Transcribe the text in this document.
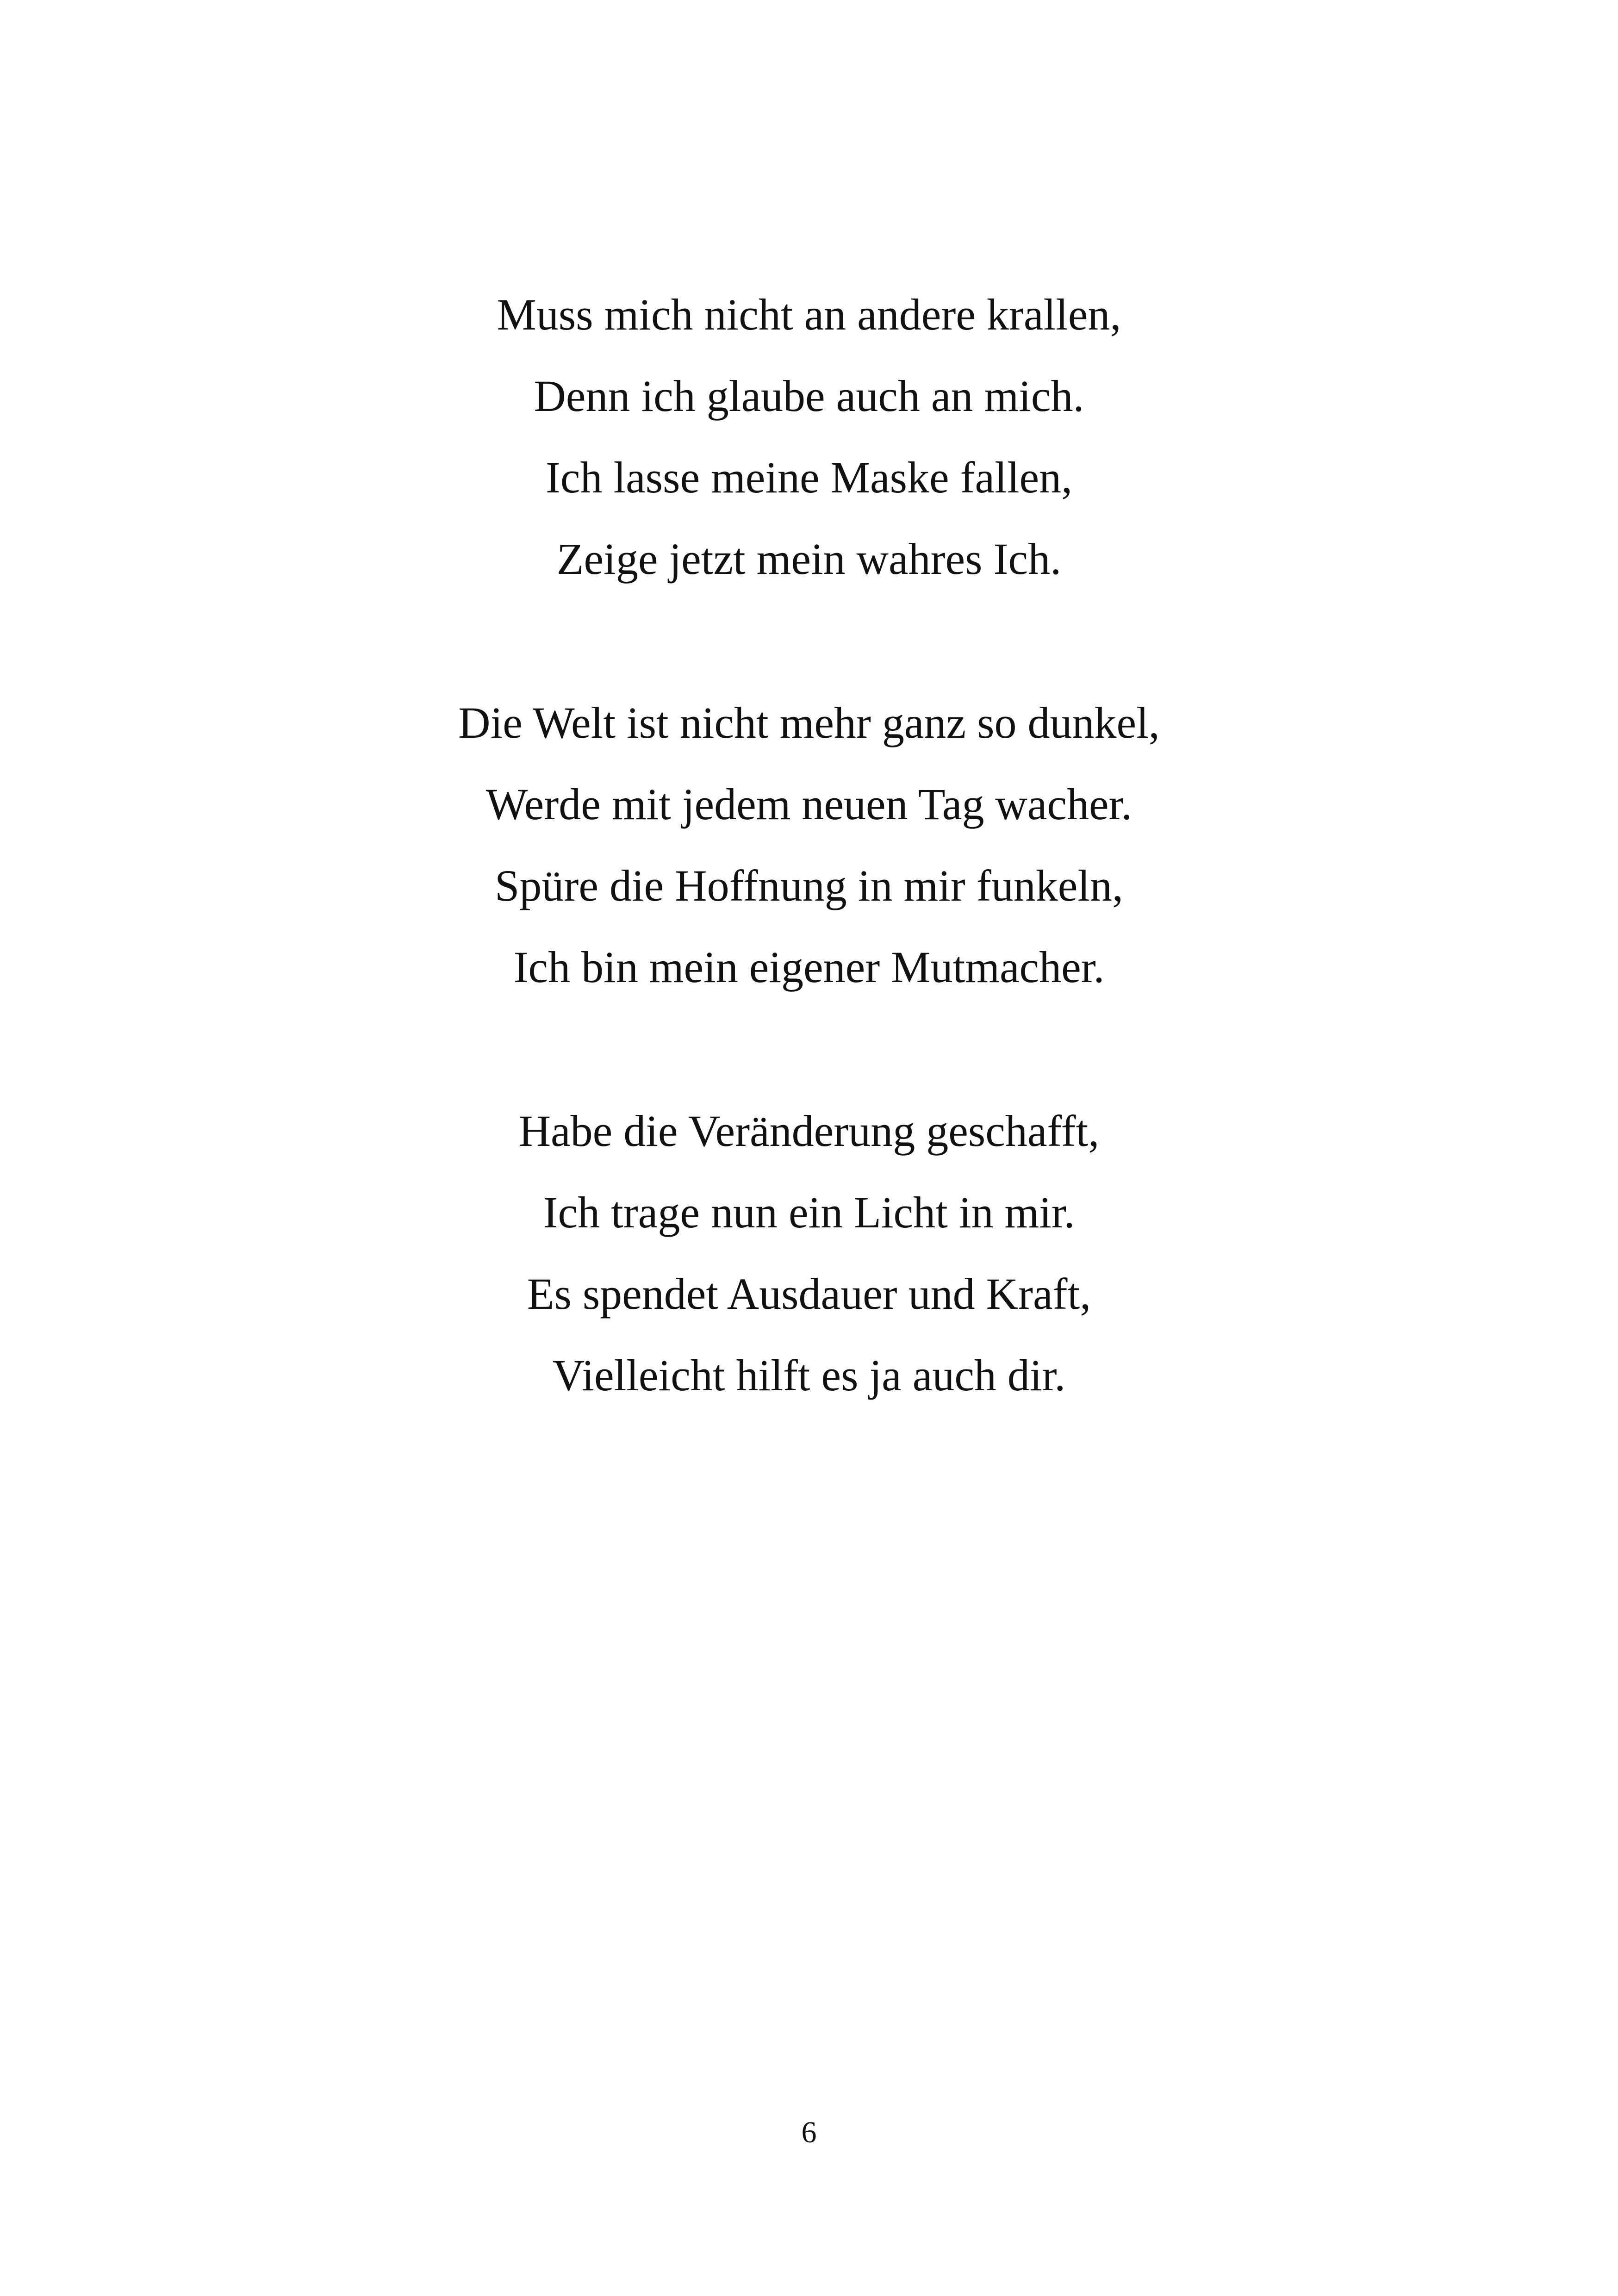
Muss mich nicht an andere krallen,
Denn ich glaube auch an mich.
Ich lasse meine Maske fallen,
Zeige jetzt mein wahres Ich.
Die Welt ist nicht mehr ganz so dunkel,
Werde mit jedem neuen Tag wacher.
Spüre die Hoffnung in mir funkeln,
Ich bin mein eigener Mutmacher.
Habe die Veränderung geschafft,
Ich trage nun ein Licht in mir.
Es spendet Ausdauer und Kraft,
Vielleicht hilft es ja auch dir.
6
